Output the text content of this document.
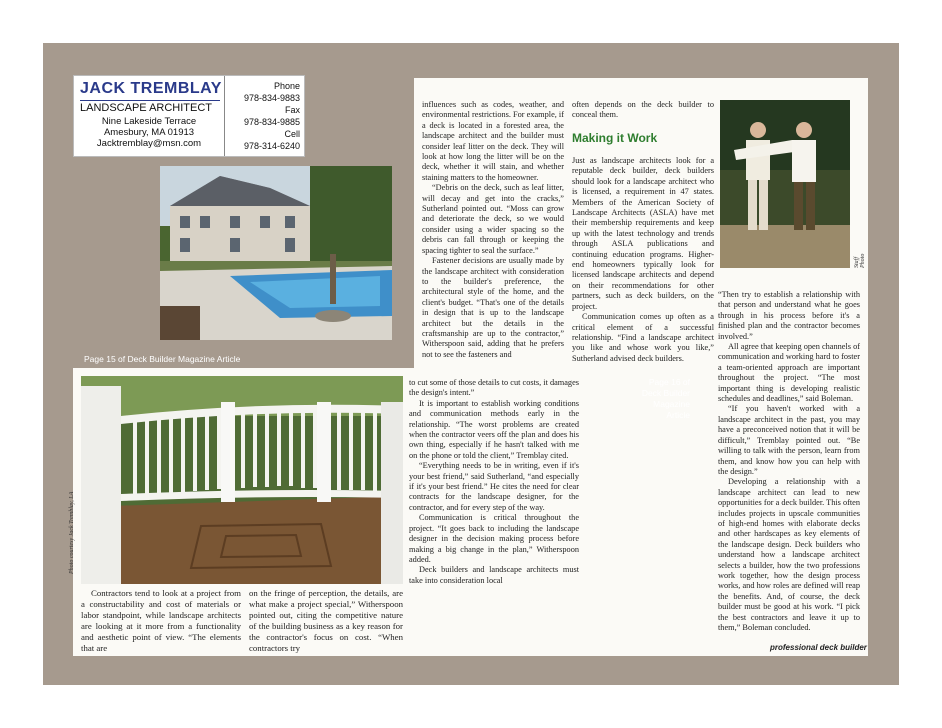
JACK TREMBLAY
LANDSCAPE ARCHITECT
Nine Lakeside Terrace
Amesbury, MA 01913
Jacktremblay@msn.com
Phone
978-834-9883
Fax
978-834-9885
Cell
978-314-6240

influences such as codes, weather, and environmental restrictions. For example, if a deck is located in a forested area, the landscape architect and the builder must consider leaf litter on the deck. They will look at how long the litter will be on the deck, whether it will stain, and whether staining matters to the homeowner.

“Debris on the deck, such as leaf litter, will decay and get into the cracks,” Sutherland pointed out. “Moss can grow and deteriorate the deck, so we would consider using a wider spacing so the debris can fall through or keeping the spacing tighter to seal the surface.”

Fastener decisions are usually made by the landscape architect with consideration to the builder's preference, the architectural style of the home, and the client's budget. “That's one of the details in design that is up to the landscape architect but the details in the craftsmanship are up to the contractor,” Witherspoon said, adding that he prefers not to see the fasteners and

often depends on the deck builder to conceal them.

Making it Work

Just as landscape architects look for a reputable deck builder, deck builders should look for a landscape architect who is licensed, a requirement in 47 states. Members of the American Society of Landscape Architects (ASLA) have met their membership requirements and keep up with the latest technology and trends through ASLA publications and continuing education programs. Higher-end homeowners typically look for licensed landscape architects and depend on their recommendations for other partners, such as deck builders, on the project.

Communication comes up often as a critical element of a successful relationship. “Find a landscape architect you like and whose work you like,” Sutherland advised deck builders.

Staff Photo

“Then try to establish a relationship with that person and understand what he goes through in his process before it's a finished plan and the contractor becomes involved.”

All agree that keeping open channels of communication and working hard to foster a team-oriented approach are important throughout the project. “The most important thing is developing realistic schedules and deadlines,” said Boleman.

“If you haven't worked with a landscape architect in the past, you may have a preconceived notion that it will be difficult,” Tremblay pointed out. “Be willing to talk with the person, learn from them, and know how you can help with the design.”

Developing a relationship with a landscape architect can lead to new opportunities for a deck builder. This often includes projects in upscale communities of high-end homes with elaborate decks and other hardscapes as key elements of the landscape design. Deck builders who understand how a landscape architect selects a builder, how the two professions work together, how the design process works, and how roles are defined will reap the benefits. And, of course, the deck builder must be good at his work. “I pick the best contractors and leave it up to them,” Boleman concluded.

professional deck builder
Page 15 of Deck Builder Magazine Article
Page 16 of Deck Builder Magazine Article
Photo courtesy Jack Tremblay, LA

to cut some of those details to cut costs, it damages the design's intent.”

It is important to establish working conditions and communication methods early in the relationship. “The worst problems are created when the contractor veers off the plan and does his own thing, especially if he hasn't talked with me on the phone or told the client,” Tremblay cited.

“Everything needs to be in writing, even if it's your best friend,” said Sutherland, “and especially if it's your best friend.” He cites the need for clear contracts for the landscape designer, for the contractor, and for every step of the way.

Communication is critical throughout the project. “It goes back to including the landscape designer in the decision making process before making a big change in the plan,” Witherspoon added.

Deck builders and landscape architects must take into consideration local

Contractors tend to look at a project from a constructability and cost of materials or labor standpoint, while landscape architects are looking at it more from a functionality and aesthetic point of view. “The elements that are

on the fringe of perception, the details, are what make a project special,” Witherspoon pointed out, citing the competitive nature of the building business as a key reason for the contractor's focus on cost. “When contractors try
